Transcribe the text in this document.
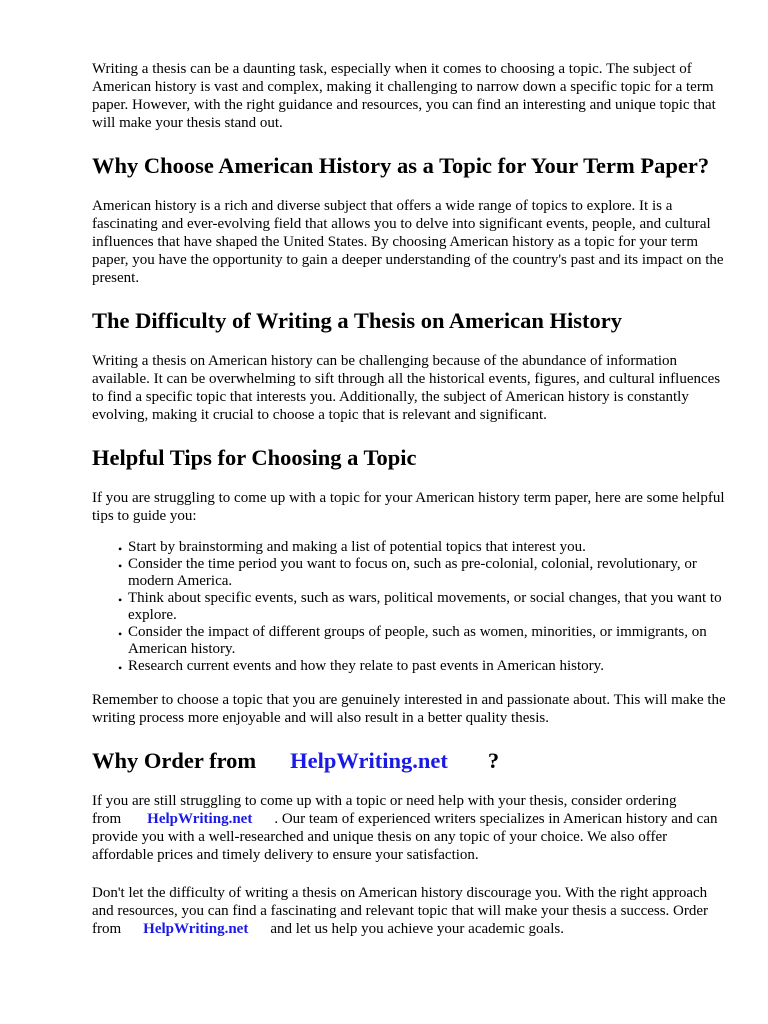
Writing a thesis can be a daunting task, especially when it comes to choosing a topic. The subject of American history is vast and complex, making it challenging to narrow down a specific topic for a term paper. However, with the right guidance and resources, you can find an interesting and unique topic that will make your thesis stand out.

Why Choose American History as a Topic for Your Term Paper?

American history is a rich and diverse subject that offers a wide range of topics to explore. It is a fascinating and ever-evolving field that allows you to delve into significant events, people, and cultural influences that have shaped the United States. By choosing American history as a topic for your term paper, you have the opportunity to gain a deeper understanding of the country's past and its impact on the present.

The Difficulty of Writing a Thesis on American History

Writing a thesis on American history can be challenging because of the abundance of information available. It can be overwhelming to sift through all the historical events, figures, and cultural influences to find a specific topic that interests you. Additionally, the subject of American history is constantly evolving, making it crucial to choose a topic that is relevant and significant.

Helpful Tips for Choosing a Topic

If you are struggling to come up with a topic for your American history term paper, here are some helpful tips to guide you:

• Start by brainstorming and making a list of potential topics that interest you.
• Consider the time period you want to focus on, such as pre-colonial, colonial, revolutionary, or modern America.
• Think about specific events, such as wars, political movements, or social changes, that you want to explore.
• Consider the impact of different groups of people, such as women, minorities, or immigrants, on American history.
• Research current events and how they relate to past events in American history.

Remember to choose a topic that you are genuinely interested in and passionate about. This will make the writing process more enjoyable and will also result in a better quality thesis.

Why Order from HelpWriting.net ?

If you are still struggling to come up with a topic or need help with your thesis, consider ordering from HelpWriting.net . Our team of experienced writers specializes in American history and can provide you with a well-researched and unique thesis on any topic of your choice. We also offer affordable prices and timely delivery to ensure your satisfaction.

Don't let the difficulty of writing a thesis on American history discourage you. With the right approach and resources, you can find a fascinating and relevant topic that will make your thesis a success. Order from HelpWriting.net and let us help you achieve your academic goals.
